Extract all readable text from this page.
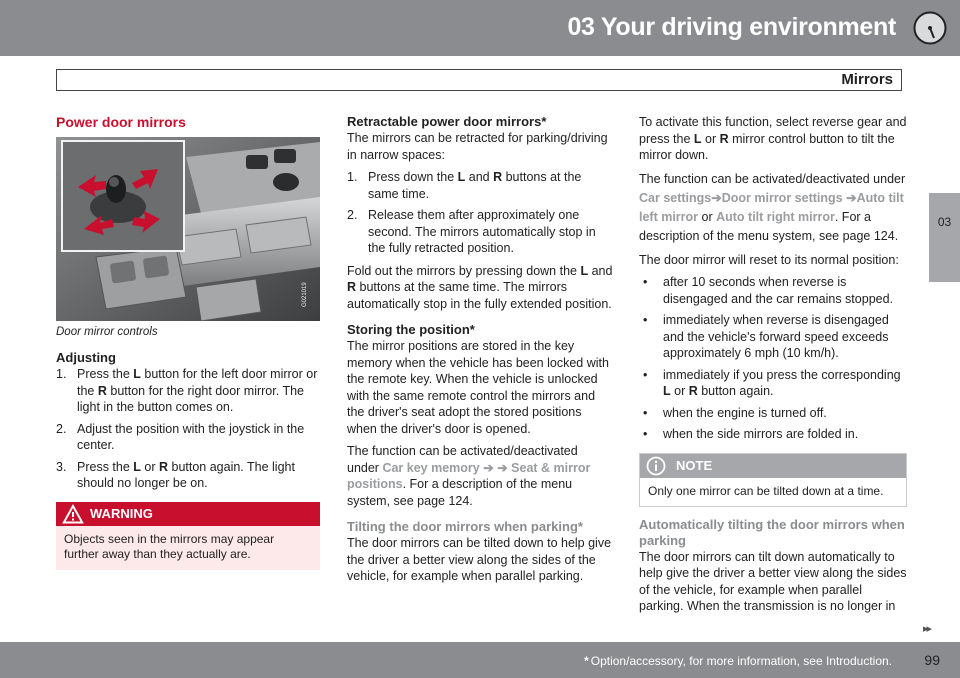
03 Your driving environment
Mirrors
03
Power door mirrors
G021019
Door mirror controls
Adjusting
1. Press the L button for the left door mirror or the R button for the right door mirror. The light in the button comes on.
2. Adjust the position with the joystick in the center.
3. Press the L or R button again. The light should no longer be on.
WARNING
Objects seen in the mirrors may appear further away than they actually are.
Retractable power door mirrors*

The mirrors can be retracted for parking/driving in narrow spaces:

1. Press down the L and R buttons at the same time.
2. Release them after approximately one second. The mirrors automatically stop in the fully retracted position.

Fold out the mirrors by pressing down the L and R buttons at the same time. The mirrors automatically stop in the fully extended position.

Storing the position*

The mirror positions are stored in the key memory when the vehicle has been locked with the remote key. When the vehicle is unlocked with the same remote control the mirrors and the driver's seat adopt the stored positions when the driver's door is opened.

The function can be activated/deactivated under Car key memory ➔ ➔ Seat & mirror positions. For a description of the menu system, see page 124.

Tilting the door mirrors when parking*

The door mirrors can be tilted down to help give the driver a better view along the sides of the vehicle, for example when parallel parking.

To activate this function, select reverse gear and press the L or R mirror control button to tilt the mirror down.

The function can be activated/deactivated under Car settings➔Door mirror settings ➔Auto tilt left mirror or Auto tilt right mirror. For a description of the menu system, see page 124.

The door mirror will reset to its normal position:

• after 10 seconds when reverse is disengaged and the car remains stopped.
• immediately when reverse is disengaged and the vehicle's forward speed exceeds approximately 6 mph (10 km/h).
• immediately if you press the corresponding L or R button again.
• when the engine is turned off.
• when the side mirrors are folded in.
NOTE
Only one mirror can be tilted down at a time.
Automatically tilting the door mirrors when parking

The door mirrors can tilt down automatically to help give the driver a better view along the sides of the vehicle, for example when parallel parking. When the transmission is no longer in

▸▸
* Option/accessory, for more information, see Introduction. 99
